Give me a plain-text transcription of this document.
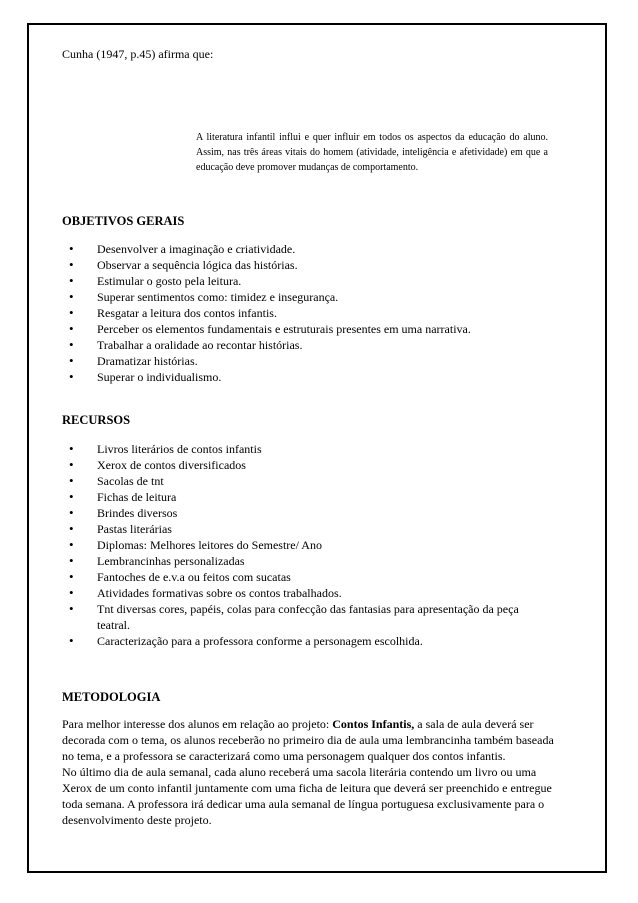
Cunha (1947, p.45) afirma que:
A literatura infantil influi e quer influir em todos os aspectos da educação do aluno. Assim, nas três áreas vitais do homem (atividade, inteligência e afetividade) em que a educação deve promover mudanças de comportamento.
OBJETIVOS GERAIS
• Desenvolver a imaginação e criatividade.
• Observar a sequência lógica das histórias.
• Estimular o gosto pela leitura.
• Superar sentimentos como: timidez e insegurança.
• Resgatar a leitura dos contos infantis.
• Perceber os elementos fundamentais e estruturais presentes em uma narrativa.
• Trabalhar a oralidade ao recontar histórias.
• Dramatizar histórias.
• Superar o individualismo.
RECURSOS
• Livros literários de contos infantis
• Xerox de contos diversificados
• Sacolas de tnt
• Fichas de leitura
• Brindes diversos
• Pastas literárias
• Diplomas: Melhores leitores do Semestre/ Ano
• Lembrancinhas personalizadas
• Fantoches de e.v.a ou feitos com sucatas
• Atividades formativas sobre os contos trabalhados.
• Tnt diversas cores, papéis, colas para confecção das fantasias para apresentação da peça teatral.
• Caracterização para a professora conforme a personagem escolhida.
METODOLOGIA

Para melhor interesse dos alunos em relação ao projeto: Contos Infantis, a sala de aula deverá ser decorada com o tema, os alunos receberão no primeiro dia de aula uma lembrancinha também baseada no tema, e a professora se caracterizará como uma personagem qualquer dos contos infantis.
No último dia de aula semanal, cada aluno receberá uma sacola literária contendo um livro ou uma Xerox de um conto infantil juntamente com uma ficha de leitura que deverá ser preenchido e entregue toda semana. A professora irá dedicar uma aula semanal de língua portuguesa exclusivamente para o desenvolvimento deste projeto.
